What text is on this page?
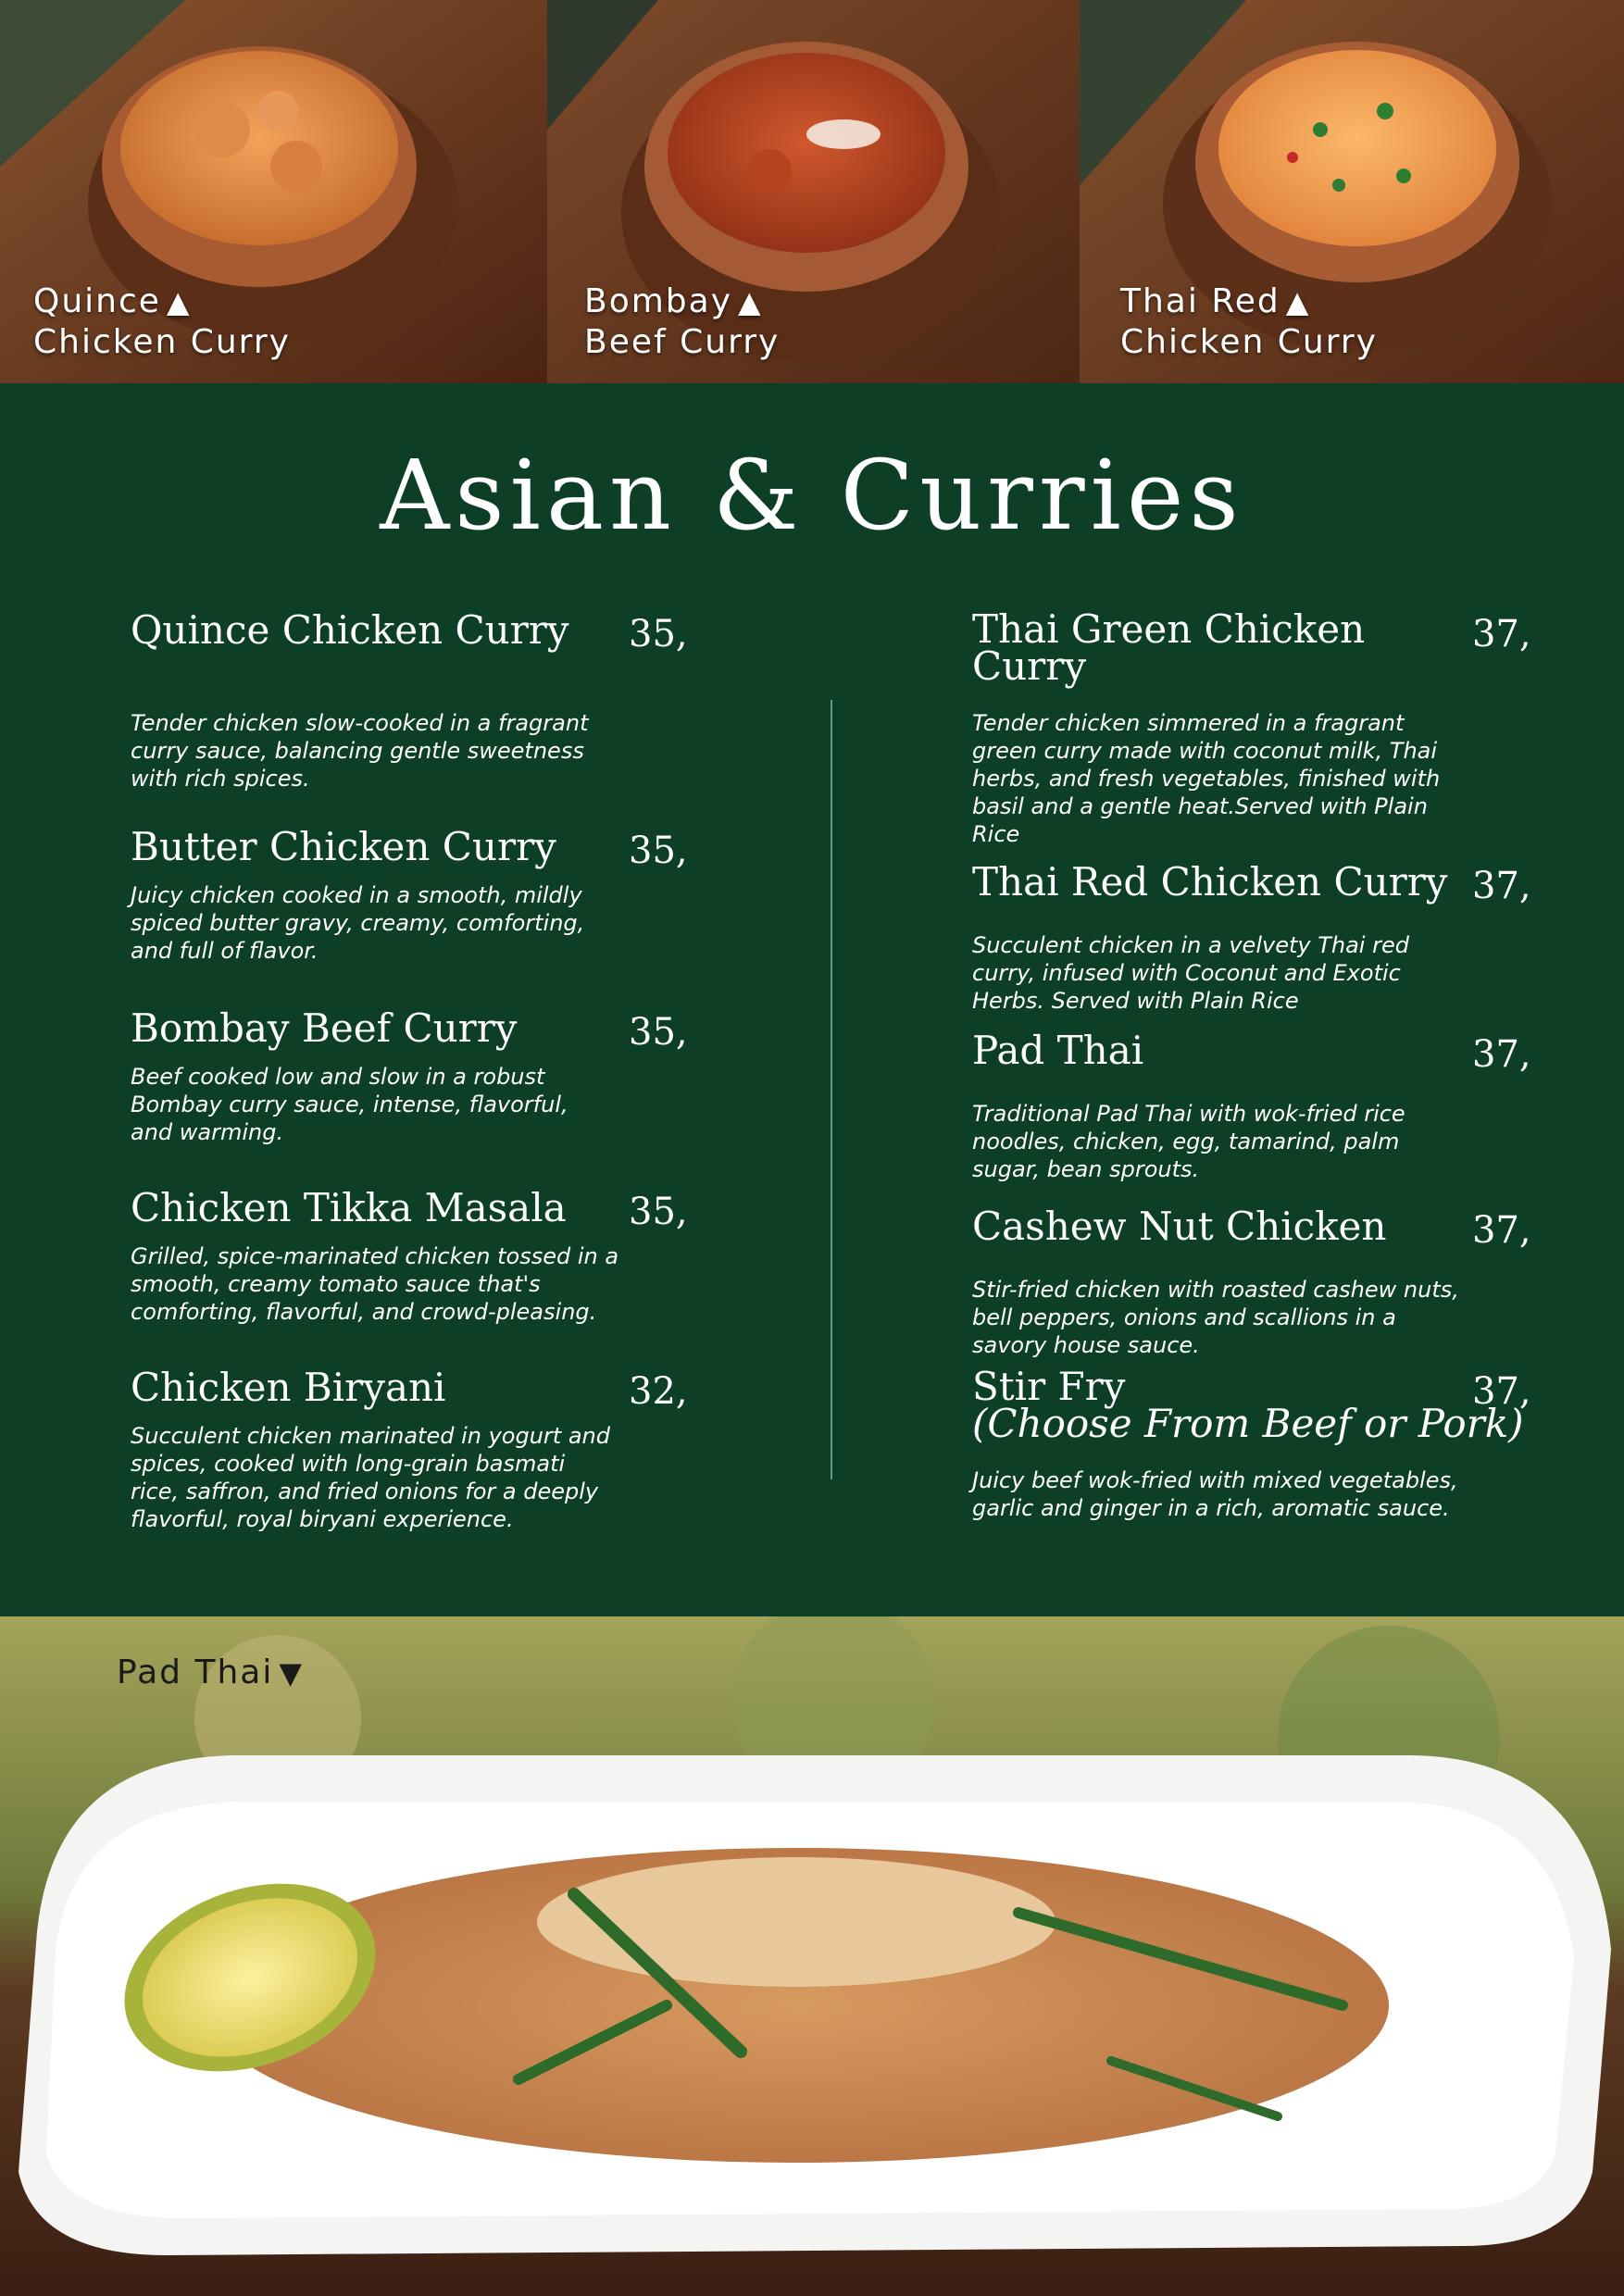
Quince ▲
Chicken Curry
Bombay ▲
Beef Curry
Thai Red ▲
Chicken Curry
Asian & Curries
Quince Chicken Curry 35,

Tender chicken slow-cooked in a fragrant curry sauce, balancing gentle sweetness with rich spices.

Butter Chicken Curry 35,

Juicy chicken cooked in a smooth, mildly spiced butter gravy, creamy, comforting, and full of flavor.

Bombay Beef Curry	35,

Beef cooked low and slow in a robust Bombay curry sauce, intense, flavorful, and warming.

Chicken Tikka Masala 35,

Grilled, spice-marinated chicken tossed in a smooth, creamy tomato sauce that's comforting, flavorful, and crowd-pleasing.

Chicken Biryani	32,

Succulent chicken marinated in yogurt and spices, cooked with long-grain basmati rice, saffron, and fried onions for a deeply flavorful, royal biryani experience.

Thai Green Chicken Curry
37,

Tender chicken simmered in a fragrant green curry made with coconut milk, Thai herbs, and fresh vegetables, finished with basil and a gentle heat.Served with Plain Rice

Thai Red Chicken Curry 37,

Succulent chicken in a velvety Thai red curry, infused with Coconut and Exotic Herbs. Served with Plain Rice

Pad Thai	37,

Traditional Pad Thai with wok-fried rice noodles, chicken, egg, tamarind, palm sugar, bean sprouts.

Cashew Nut Chicken 37,

Stir-fried chicken with roasted cashew nuts, bell peppers, onions and scallions in a savory house sauce.

Stir Fry
(Choose From Beef or Pork)
37,

Juicy beef wok-fried with mixed vegetables, garlic and ginger in a rich, aromatic sauce.

Pad Thai ▼
